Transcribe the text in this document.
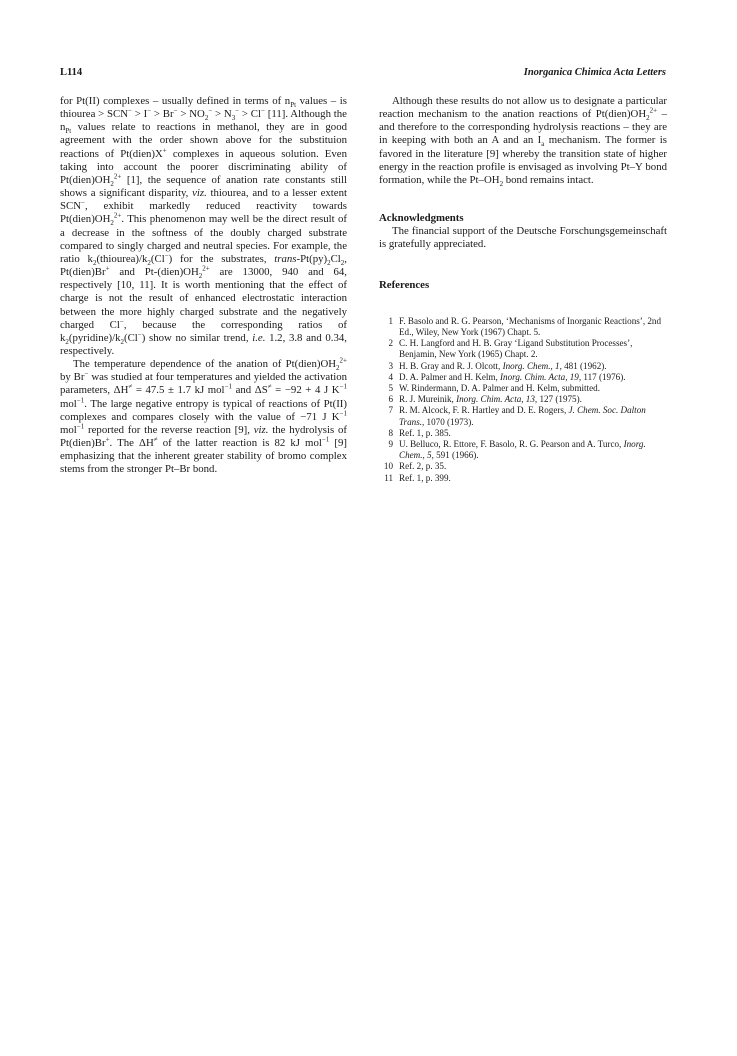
L114	Inorganica Chimica Acta Letters

for Pt(II) complexes – usually defined in terms of $n_{Pt}$ values – is thiourea > $SCN^- > I^- > Br^- > NO_2^- > N_3^- > Cl^-$ [11]. Although the $n_{Pt}$ values relate to reactions in methanol, they are in good agreement with the order shown above for the substituion reactions of Pt(dien)X+ complexes in aqueous solution. Even taking into account the poorer discriminating ability of $Pt(dien)OH_2^{2+}$ [1], the sequence of anation rate constants still shows a significant disparity, viz. thiourea, and to a lesser extent SCN−, exhibit markedly reduced reactivity towards $Pt(dien)OH_2^{2+}$. This phenomenon may well be the direct result of a decrease in the softness of the doubly charged substrate compared to singly charged and neutral species. For example, the ratio $k_2(thiourea)/k_2(Cl^-)$ for the substrates, trans-$Pt(py)_2Cl_2$, Pt(dien)Br+ and $Pt-(dien)OH_2^{2+}$ are 13000, 940 and 64, respectively [10, 11]. It is worth mentioning that the effect of charge is not the result of enhanced electrostatic interaction between the more highly charged substrate and the negatively charged Cl−, because the corresponding ratios of $k_2(pyridine)/k_2(Cl^-)$ show no similar trend, i.e. 1.2, 3.8 and 0.34, respectively.

The temperature dependence of the anation of $Pt(dien)OH_2^{2+}$ by Br− was studied at four temperatures and yielded the activation parameters, ΔH≠ = 47.5 ± 1.7 kJ mol$^{-1}$ and ΔS≠ = −92 + 4 J $K^{-1}$ mol$^{-1}$. The large negative entropy is typical of reactions of Pt(II) complexes and compares closely with the value of −71 J $K^{-1}$ mol$^{-1}$ reported for the reverse reaction [9], viz. the hydrolysis of Pt(dien)Br+. The ΔH≠ of the latter reaction is 82 kJ mol$^{-1}$ [9] emphasizing that the inherent greater stability of bromo complex stems from the stronger Pt–Br bond.

Although these results do not allow us to designate a particular reaction mechanism to the anation reactions of $Pt(dien)OH_2^{2+}$ – and therefore to the corresponding hydrolysis reactions – they are in keeping with both an A and an $I_a$ mechanism. The former is favored in the literature [9] whereby the transition state of higher energy in the reaction profile is envisaged as involving Pt–Y bond formation, while the $Pt-OH_2$ bond remains intact.

Acknowledgments

The financial support of the Deutsche Forschungsgemeinschaft is gratefully appreciated.

References
1 F. Basolo and R. G. Pearson, ‘Mechanisms of Inorganic Reactions’, 2nd Ed., Wiley, New York (1967) Chapt. 5.
2 C. H. Langford and H. B. Gray ‘Ligand Substitution Processes’, Benjamin, New York (1965) Chapt. 2.
3 H. B. Gray and R. J. Olcott, Inorg. Chem., 1, 481 (1962).
4 D. A. Palmer and H. Kelm, Inorg. Chim. Acta, 19, 117 (1976).
5 W. Rindermann, D. A. Palmer and H. Kelm, submitted.
6 R. J. Mureinik, Inorg. Chim. Acta, 13, 127 (1975).
7 R. M. Alcock, F. R. Hartley and D. E. Rogers, J. Chem. Soc. Dalton Trans., 1070 (1973).
8 Ref. 1, p. 385.
9 U. Belluco, R. Ettore, F. Basolo, R. G. Pearson and A. Turco, Inorg. Chem., 5, 591 (1966).
10 Ref. 2, p. 35.
11 Ref. 1, p. 399.
